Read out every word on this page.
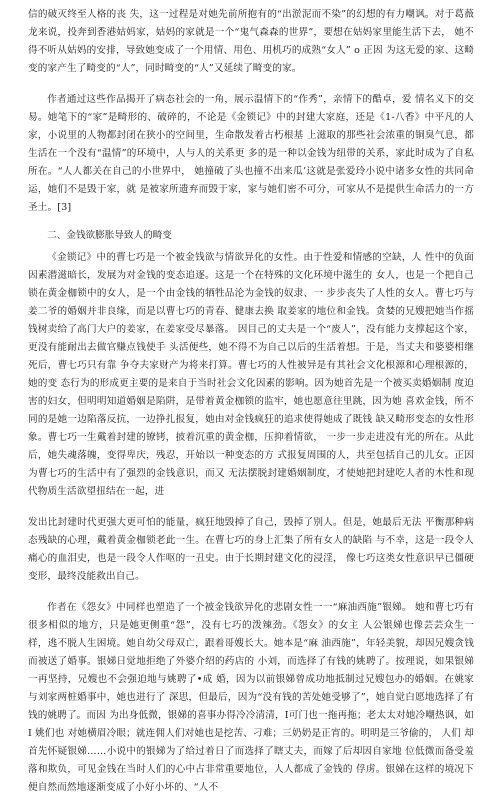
信的破灭终至人格的丧 失，这一过程是对她先前所抱有的“出淤泥而不染”的幻想的有力嘲讽。对于葛薇龙来说，投奔到香港姑妈家，姑妈的家就是一个“鬼气森森的世界”，要想在姑妈家里能生活下去， 她不得不听从姑妈的安排，导致她变成了一个用情、用色、用机巧的成熟“女人” o 正因 为这无爱的家、这畸变的家产生了畸变的“人”，同时畸变的“人”又延续了畸变的家。

作者通过这些作品揭开了病态社会的一角，展示温情下的“作秀”，亲情下的酷卓，爱 情名义下的交易。她笔下的“家”是畸形的、破碎的，不论是《金锁记》中的封建大家庭，还是《1-八香》中平凡的人家，小说里的人物都封闭在狭小的空间里，生命散发着古朽根基 上滋取的那些社会浓重的铜臭气息，都生活在一个没有“温情”的环境中，人与人的关系更 多的是一种以金钱为纽带的关系，家此时成为了自私所在。“人人都关在自己的小世界中， 她撞破了头也撞不出来瓜’这就是张爱玲小说中诸多女性的共同命运，她们不是毁于家，就 是被家所遗弃而毁于家，家与她们密不可分，可家从不是提供生命活力的一方圣土。[3]

二、金钱欲膨胀导致人的畸变

《金锁记》中的曹七巧是一个被金钱欲与情欲异化的女性。由于性爱和情感的空缺，人 性中的负面因素潜滋暗长，发展为对金钱的变态追逐。这是一个在特殊的文化环境中滋生的 女人，也是一个把自己锁在黄金枷锁中的女人，是一个由金钱的牺牲品沦为金钱的奴隶、一 步步丧失了人性的女人。曹七巧与姜二爷的婚姻并非良缘，而是以曹七巧的青春、健康去换 取姜家的地位和金钱。贪婪的兄嫂把她当作摇钱树卖给了高门大户的姜家，在姜家受尽暴落。 因目己的丈夫是一个“废人”，没有能力支撑起这个家，更没有能耐出去做官赚点钱使手 头活便些，她不得不为自己以后的生活着想。于是，当丈夫和婆婆相继死后，曹七巧只有靠 争夺夫家财产为将来打算。曹七巧的人性被异是有其社会文化根源和心理根源的，她的变 态行为的形成更主要的是来自于当时社会文化因素的影响。因为她首先是一个被买卖婚姻制 度迫害的妇女，但明明知道婚姻是陷阱，是带着黄金枷锁的监牢，她也愿意往里跳，因为她 喜欢金钱，所不同的是她一边陷落反抗，一边挣扎报复，她由对金钱疯狂的追求使得她成了既钱 缺又畸形变态的女性形象。曹七巧一生戴着封建的镣铐，披着沉重的黄金枷，压抑着情欲， 一步一步走进没有光的所在。从此后，她失魂落魄，变得卑庆，残忍，开始以一种变态的方 式报复周围的人，共至包括自己的儿女。正因为曹七巧的生活中有了强烈的金钱意识，而又 无法摆脱封建婚姻制度，才使她把封建吃人者的木性和现代物质生活欲望扭结在一起，进

发出比封建时代更强大更可怕的能量，疯狂地毁掉了自己，毁掉了别人。但是，她最后无法 平衡那种病态残缺的心理，戴着黄金枷锁老此一生。在曹七巧的身上汇集了所有女人的缺陷 与不幸，这是一段令人痛心的血泪史，也是一段令人作呕的一丑史。由于长期封建文化的浸淫， 像七巧这类女性意识早已僵硬变形，最终没能救出自己。

作者在《怨女》中同样也塑造了一个被金钱欲异化的悲剧女性一一“麻油西施”银娣。 她和曹七巧有很多相似的地方，只是她更侧重“怨”，没有七巧的泼辣劲。《怨女》的女主 人公银娣也像芸芸众生一样，逃不脱人生困境。她自幼父母双亡，跟着哥嫂长大。她本是“麻 油西施”，年轻美貌，却因兄嫂贪钱而被送了婚事。银娣日觉地拒绝了外婆介绍的药店的 小刘，而选择了有钱的姚聘了。按理说，如果银娣一再坚持，兄嫂也不会强迫地与姚聘了•成 婚，因为以前银娣曾成功地抵制过兄嫂包办的婚姻。在姚家与刘家两桩婚事中，她也进行了 深思，但最后，因为“没有钱的苦处她受够了”，她自觉白愿地选择了有钱的姚聘了。而因 为出身低微，银娣的喜事办得冷冷清清，I可门也一拖再拖；老太太对她冷嘲热讽，如 I 姚们也 对她横眉冷眼；就连佣人们对她也是挖苦、刁难；三奶奶是正宵的。明明是三爷偷的， 人们 却首先怀疑银娣……小说中的银娣为了给过着日了而选择了瞎丈夫，而嫁了后却因自家地 位低微而备受羞落和欺负，可见金钱在当时人们的心中占非常重要地位，人人都成了金钱的 俘虏。银娣在这样的境况下便自然而然地逐渐变成了小好小坏的、“人不
